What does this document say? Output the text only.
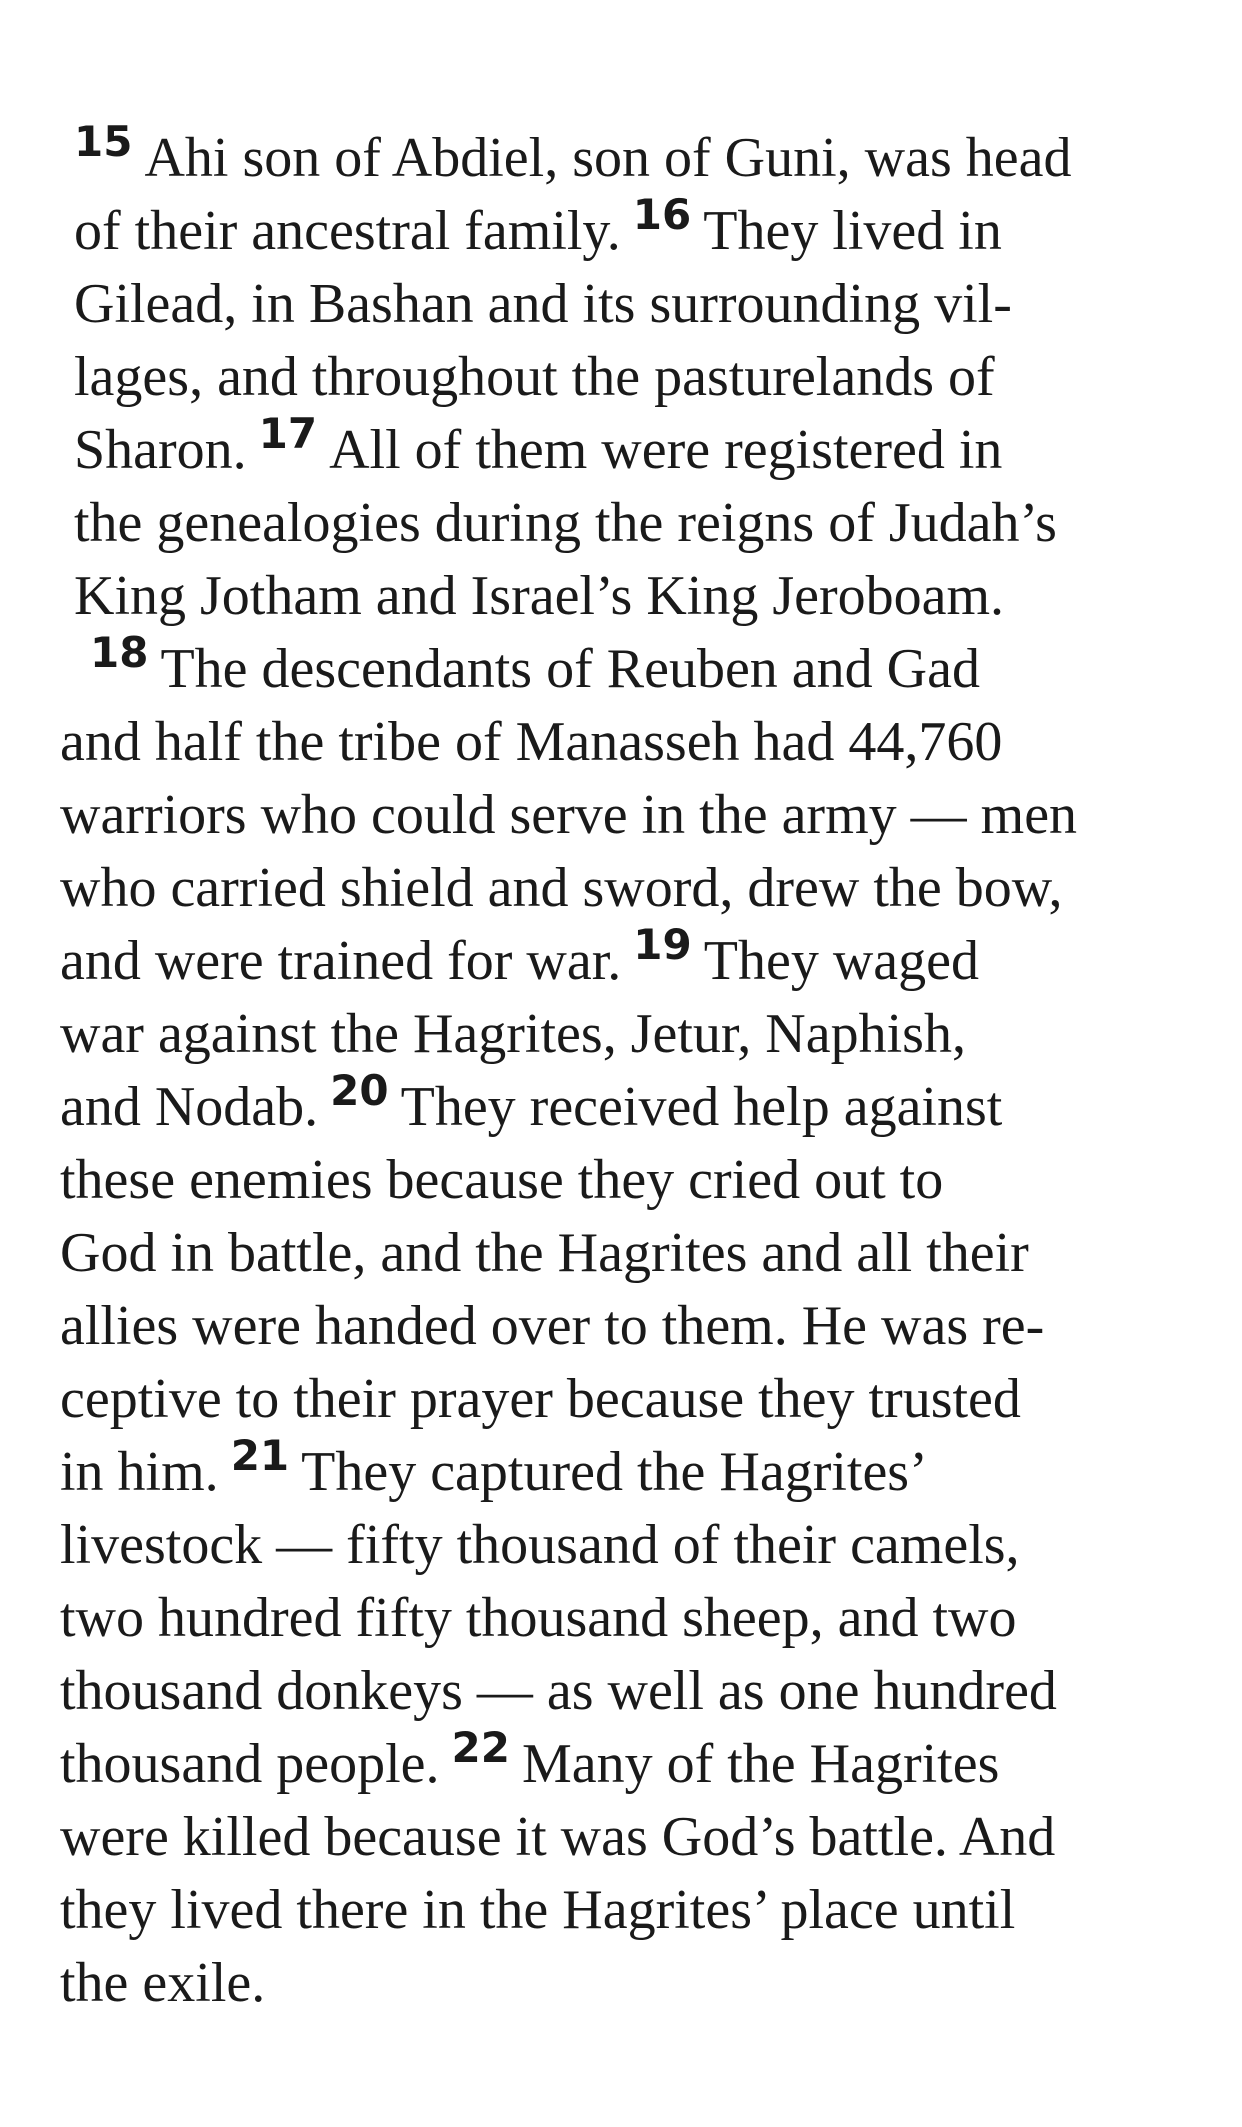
$^{15}$ Ahi son of Abdiel, son of Guni, was head
of their ancestral family. $^{16}$ They lived in
Gilead, in Bashan and its surrounding vil-
lages, and throughout the pasturelands of
Sharon. $^{17}$ All of them were registered in
the genealogies during the reigns of Judah’s
King Jotham and Israel’s King Jeroboam.
$^{18}$ The descendants of Reuben and Gad
and half the tribe of Manasseh had 44,760
warriors who could serve in the army — men
who carried shield and sword, drew the bow,
and were trained for war. $^{19}$ They waged
war against the Hagrites, Jetur, Naphish,
and Nodab. $^{20}$ They received help against
these enemies because they cried out to
God in battle, and the Hagrites and all their
allies were handed over to them. He was re-
ceptive to their prayer because they trusted
in him. $^{21}$ They captured the Hagrites’
livestock — fifty thousand of their camels,
two hundred fifty thousand sheep, and two
thousand donkeys — as well as one hundred
thousand people. $^{22}$ Many of the Hagrites
were killed because it was God’s battle. And
they lived there in the Hagrites’ place until
the exile.
